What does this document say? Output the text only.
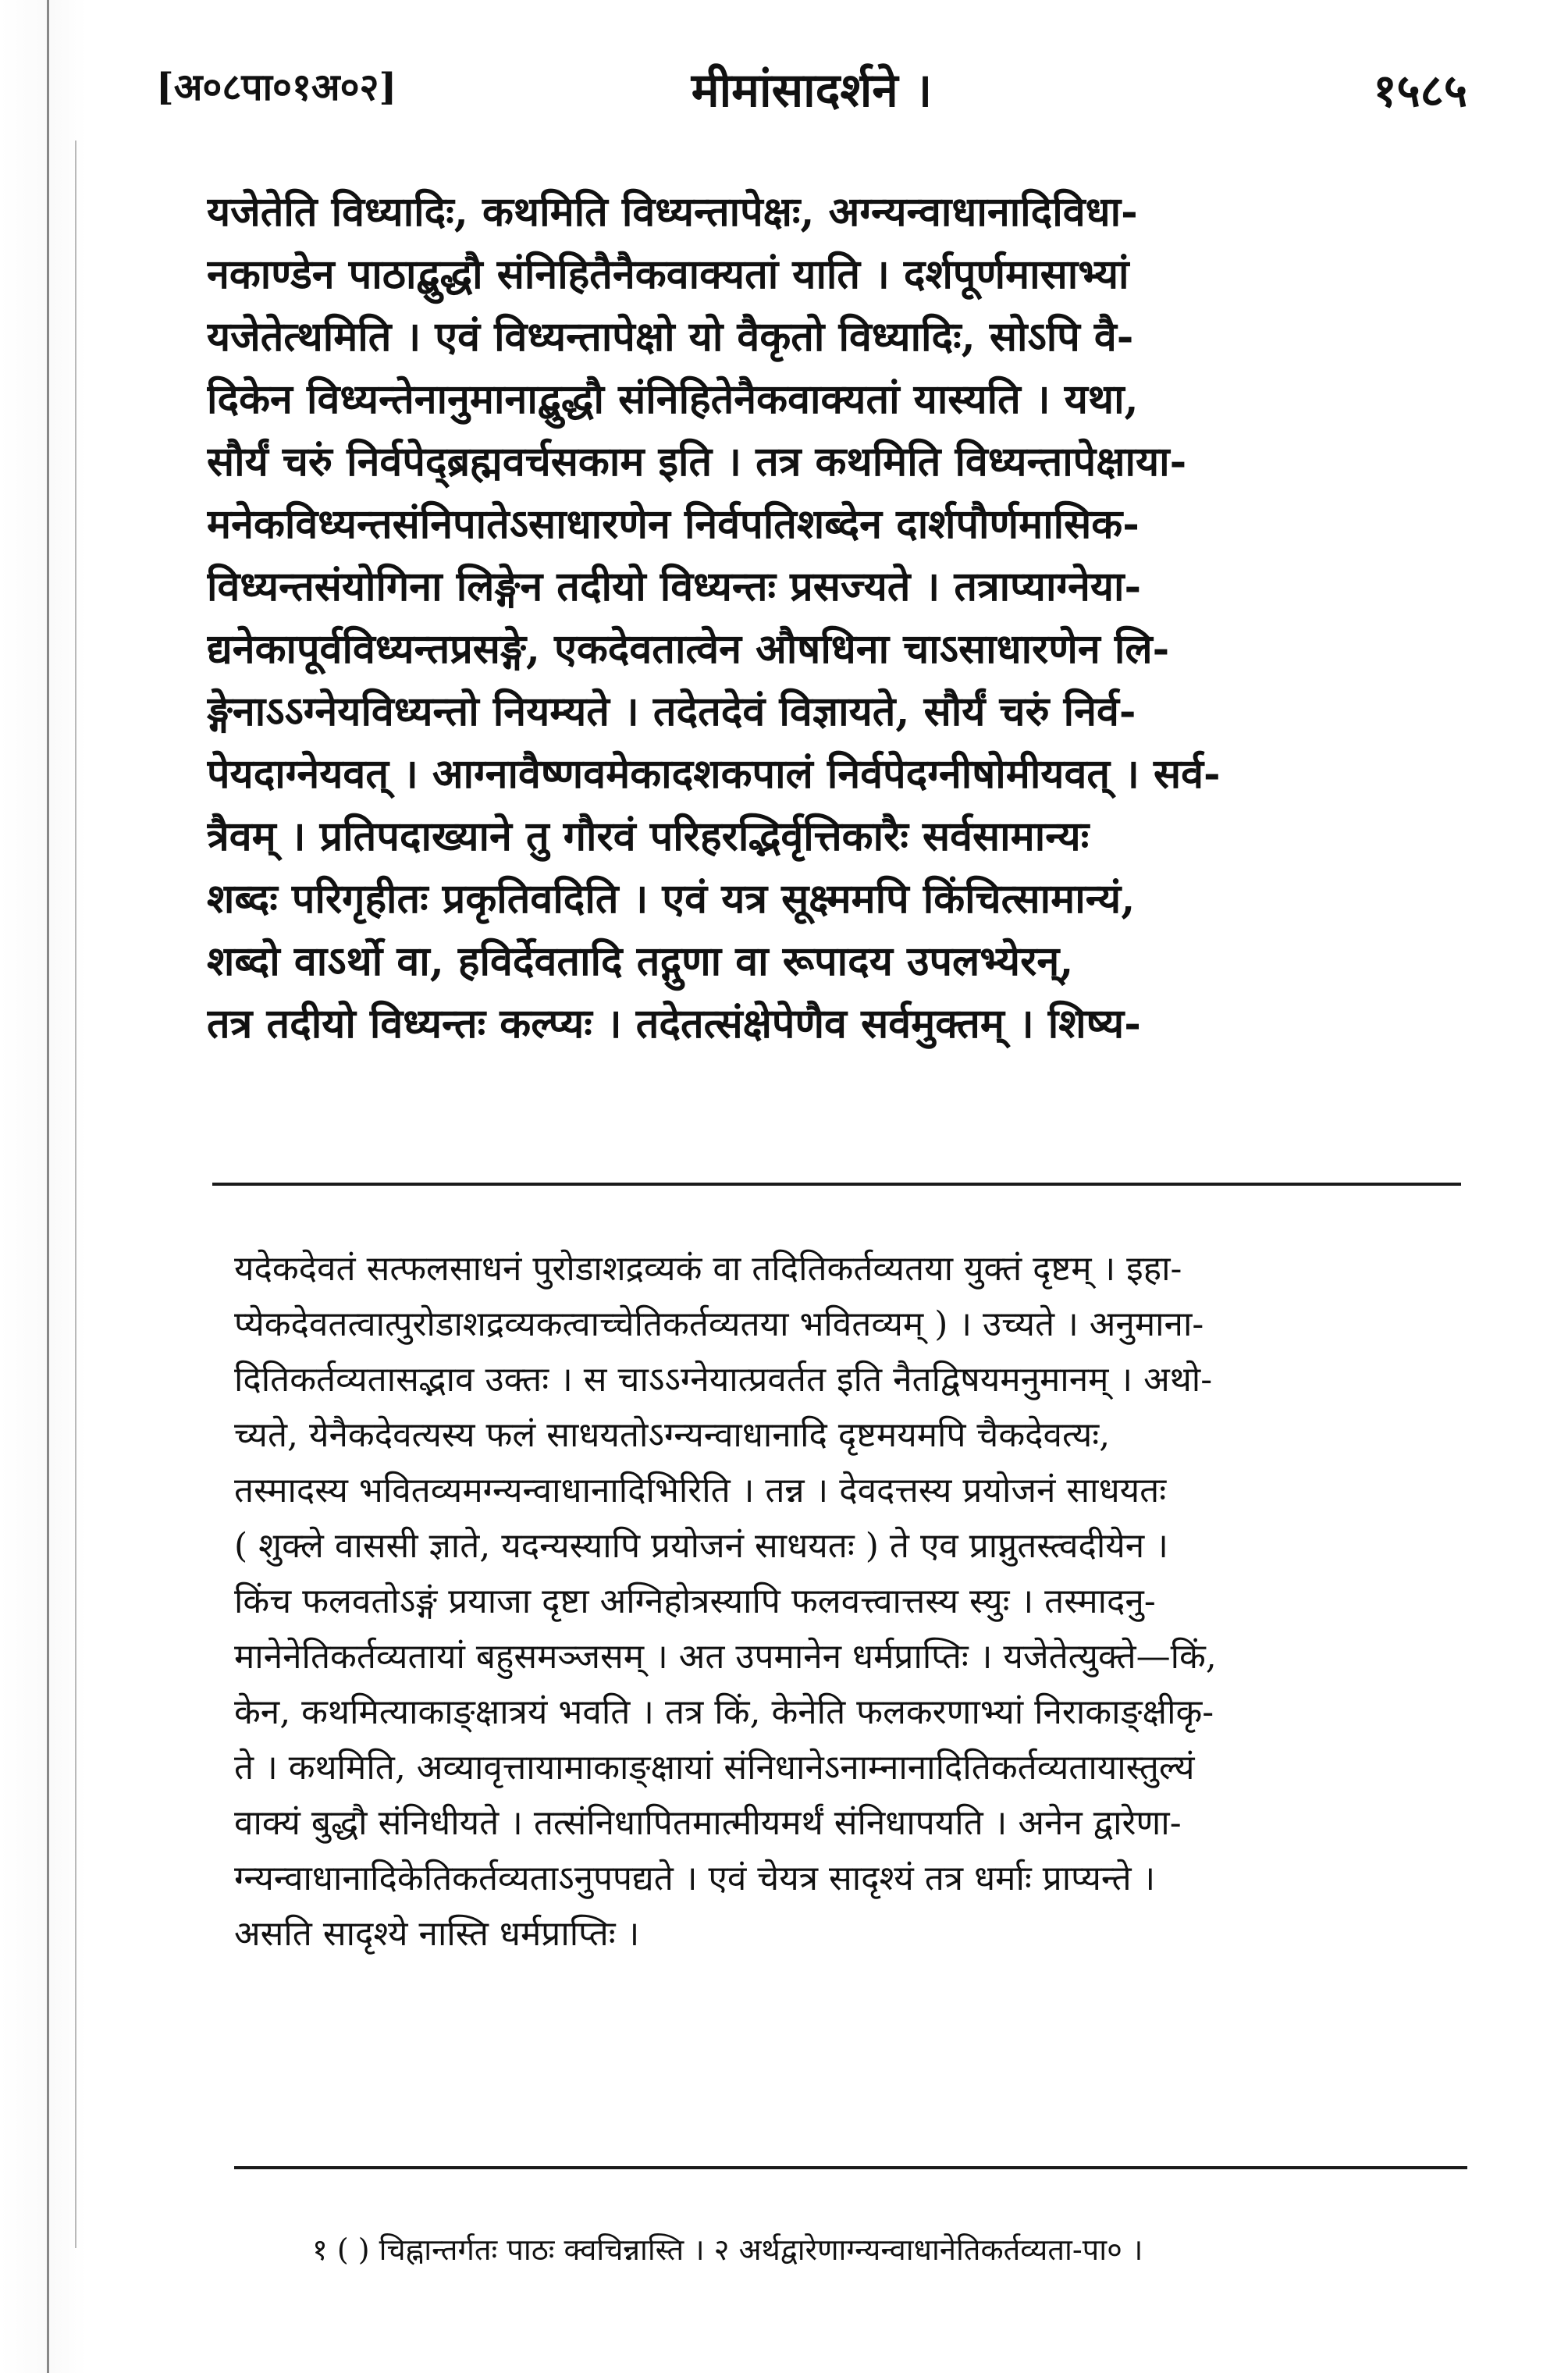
[अ०८पा०१अ०२]	मीमांसादर्शने ।	१५८५
यजेतेति विध्यादिः, कथमिति विध्यन्तापेक्षः, अग्न्यन्वाधानादिविधा-
नकाण्डेन पाठाद्बुद्धौ संनिहितैनैकवाक्यतां याति । दर्शपूर्णमासाभ्यां
यजेतेत्थमिति । एवं विध्यन्तापेक्षो यो वैकृतो विध्यादिः, सोऽपि वै-
दिकेन विध्यन्तेनानुमानाद्बुद्धौ संनिहितेनैकवाक्यतां यास्यति । यथा,
सौर्यं चरुं निर्वपेद्ब्रह्मवर्चसकाम इति । तत्र कथमिति विध्यन्तापेक्षाया-
मनेकविध्यन्तसंनिपातेऽसाधारणेन निर्वपतिशब्देन दार्शपौर्णमासिक-
विध्यन्तसंयोगिना लिङ्गेन तदीयो विध्यन्तः प्रसज्यते । तत्राप्याग्नेया-
द्यनेकापूर्वविध्यन्तप्रसङ्गे, एकदेवतात्वेन औषधिना चाऽसाधारणेन लि-
ङ्गेनाऽऽग्नेयविध्यन्तो नियम्यते । तदेतदेवं विज्ञायते, सौर्यं चरुं निर्व-
पेयदाग्नेयवत् । आग्नावैष्णवमेकादशकपालं निर्वपेदग्नीषोमीयवत् । सर्व-
त्रैवम् । प्रतिपदाख्याने तु गौरवं परिहरद्भिर्वृत्तिकारैः सर्वसामान्यः
शब्दः परिगृहीतः प्रकृतिवदिति । एवं यत्र सूक्ष्ममपि किंचित्सामान्यं,
शब्दो वाऽर्थो वा, हविर्देवतादि तद्गुणा वा रूपादय उपलभ्येरन्,
तत्र तदीयो विध्यन्तः कल्प्यः । तदेतत्संक्षेपेणैव सर्वमुक्तम् । शिष्य-
यदेकदेवतं सत्फलसाधनं पुरोडाशद्रव्यकं वा तदितिकर्तव्यतया युक्तं दृष्टम् । इहा-
प्येकदेवतत्वात्पुरोडाशद्रव्यकत्वाच्चेतिकर्तव्यतया भवितव्यम् ) । उच्यते । अनुमाना-
दितिकर्तव्यतासद्भाव उक्तः । स चाऽऽग्नेयात्प्रवर्तत इति नैतद्विषयमनुमानम् । अथो-
च्यते, येनैकदेवत्यस्य फलं साधयतोऽग्न्यन्वाधानादि दृष्टमयमपि चैकदेवत्यः,
तस्मादस्य भवितव्यमग्न्यन्वाधानादिभिरिति । तन्न । देवदत्तस्य प्रयोजनं साधयतः
( शुक्ले वाससी ज्ञाते, यदन्यस्यापि प्रयोजनं साधयतः ) ते एव प्राप्नुतस्त्वदीयेन ।
किंच फलवतोऽङ्गं प्रयाजा दृष्टा अग्निहोत्रस्यापि फलवत्त्वात्तस्य स्युः । तस्मादनु-
मानेनेतिकर्तव्यतायां बहुसमञ्जसम् । अत उपमानेन धर्मप्राप्तिः । यजेतेत्युक्ते—किं,
केन, कथमित्याकाङ्क्षात्रयं भवति । तत्र किं, केनेति फलकरणाभ्यां निराकाङ्क्षीकृ-
ते । कथमिति, अव्यावृत्तायामाकाङ्क्षायां संनिधानेऽनाम्नानादितिकर्तव्यतायास्तुल्यं
वाक्यं बुद्धौ संनिधीयते । तत्संनिधापितमात्मीयमर्थं संनिधापयति । अनेन द्वारेणा-
ग्न्यन्वाधानादिकेतिकर्तव्यताऽनुपपद्यते । एवं चेयत्र सादृश्यं तत्र धर्माः प्राप्यन्ते ।
असति सादृश्ये नास्ति धर्मप्राप्तिः ।
१ ( ) चिह्नान्तर्गतः पाठः क्वचिन्नास्ति । २ अर्थद्वारेणाग्न्यन्वाधानेतिकर्तव्यता-पा० ।
